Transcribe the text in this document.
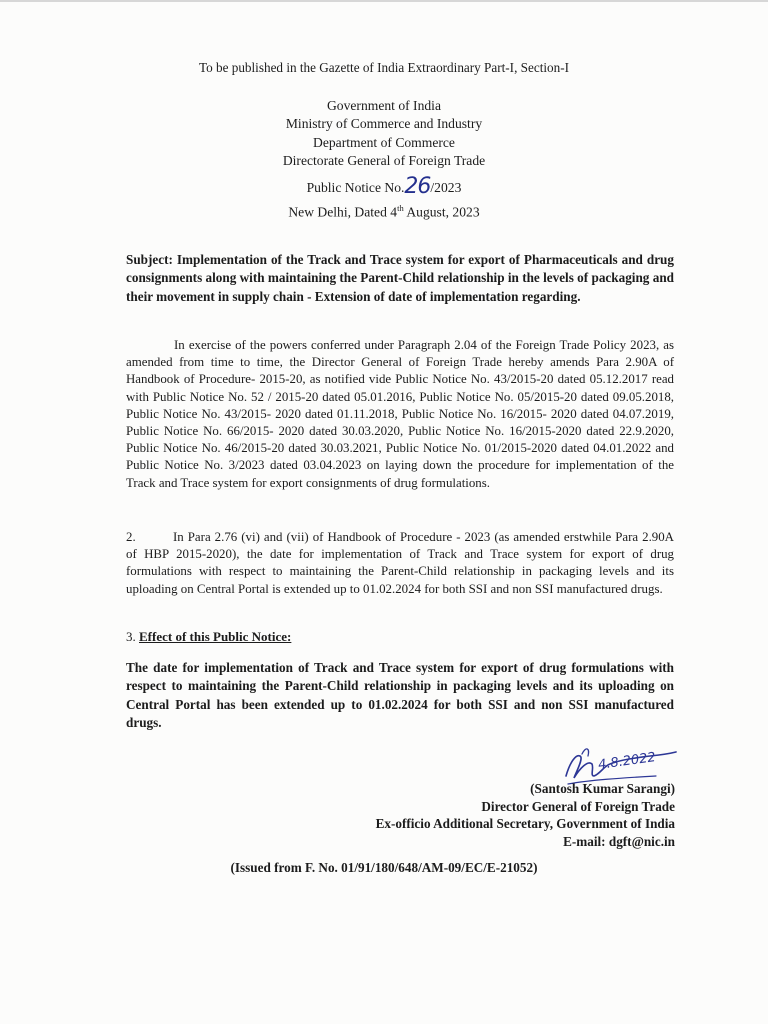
To be published in the Gazette of India Extraordinary Part-I, Section-I
Government of India
Ministry of Commerce and Industry
Department of Commerce
Directorate General of Foreign Trade
Public Notice No.26/2023
New Delhi, Dated 4th August, 2023
Subject: Implementation of the Track and Trace system for export of Pharmaceuticals and drug consignments along with maintaining the Parent-Child relationship in the levels of packaging and their movement in supply chain - Extension of date of implementation regarding.
In exercise of the powers conferred under Paragraph 2.04 of the Foreign Trade Policy 2023, as amended from time to time, the Director General of Foreign Trade hereby amends Para 2.90A of Handbook of Procedure- 2015-20, as notified vide Public Notice No. 43/2015-20 dated 05.12.2017 read with Public Notice No. 52 / 2015-20 dated 05.01.2016, Public Notice No. 05/2015-20 dated 09.05.2018, Public Notice No. 43/2015- 2020 dated 01.11.2018, Public Notice No. 16/2015- 2020 dated 04.07.2019, Public Notice No. 66/2015- 2020 dated 30.03.2020, Public Notice No. 16/2015-2020 dated 22.9.2020, Public Notice No. 46/2015-20 dated 30.03.2021, Public Notice No. 01/2015-2020 dated 04.01.2022 and Public Notice No. 3/2023 dated 03.04.2023 on laying down the procedure for implementation of the Track and Trace system for export consignments of drug formulations.
2.	In Para 2.76 (vi) and (vii) of Handbook of Procedure - 2023 (as amended erstwhile Para 2.90A of HBP 2015-2020), the date for implementation of Track and Trace system for export of drug formulations with respect to maintaining the Parent-Child relationship in packaging levels and its uploading on Central Portal is extended up to 01.02.2024 for both SSI and non SSI manufactured drugs.
3. Effect of this Public Notice:
The date for implementation of Track and Trace system for export of drug formulations with respect to maintaining the Parent-Child relationship in packaging levels and its uploading on Central Portal has been extended up to 01.02.2024 for both SSI and non SSI manufactured drugs.
4.8.2022
(Santosh Kumar Sarangi)
Director General of Foreign Trade
Ex-officio Additional Secretary, Government of India
E-mail: dgft@nic.in
(Issued from F. No. 01/91/180/648/AM-09/EC/E-21052)
